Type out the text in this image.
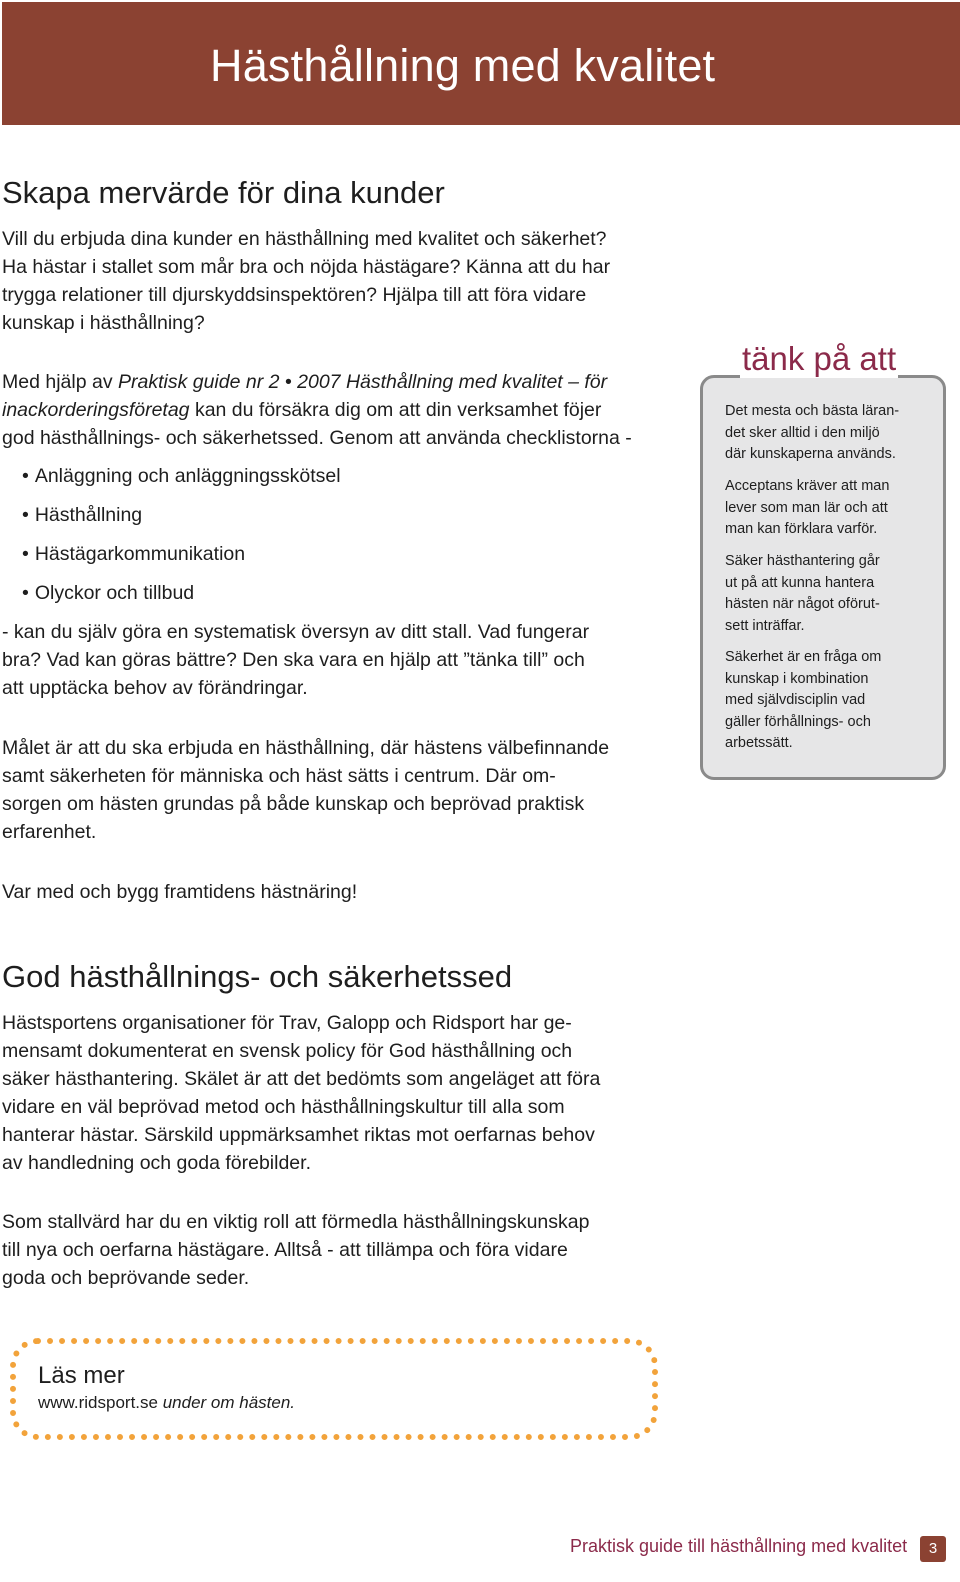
Hästhållning med kvalitet
Skapa mervärde för dina kunder
Vill du erbjuda dina kunder en hästhållning med kvalitet och säkerhet?
Ha hästar i stallet som mår bra och nöjda hästägare? Känna att du har
trygga relationer till djurskyddsinspektören? Hjälpa till att föra vidare
kunskap i hästhållning?
Med hjälp av Praktisk guide nr 2 • 2007 Hästhållning med kvalitet – för
inackorderingsföretag kan du försäkra dig om att din verksamhet föjer
god hästhållnings- och säkerhetssed. Genom att använda checklistorna -
• Anläggning och anläggningsskötsel
• Hästhållning
• Hästägarkommunikation
• Olyckor och tillbud
- kan du själv göra en systematisk översyn av ditt stall. Vad fungerar
bra? Vad kan göras bättre? Den ska vara en hjälp att ”tänka till” och
att upptäcka behov av förändringar.
Målet är att du ska erbjuda en hästhållning, där hästens välbefinnande
samt säkerheten för människa och häst sätts i centrum. Där om-
sorgen om hästen grundas på både kunskap och beprövad praktisk
erfarenhet.
Var med och bygg framtidens hästnäring!
tänk på att
Det mesta och bästa läran-
det sker alltid i den miljö
där kunskaperna används.
Acceptans kräver att man
lever som man lär och att
man kan förklara varför.
Säker hästhantering går
ut på att kunna hantera
hästen när något oförut-
sett inträffar.
Säkerhet är en fråga om
kunskap i kombination
med självdisciplin vad
gäller förhållnings- och
arbetssätt.
God hästhållnings- och säkerhetssed
Hästsportens organisationer för Trav, Galopp och Ridsport har ge-
mensamt dokumenterat en svensk policy för God hästhållning och
säker hästhantering. Skälet är att det bedömts som angeläget att föra
vidare en väl beprövad metod och hästhållningskultur till alla som
hanterar hästar. Särskild uppmärksamhet riktas mot oerfarnas behov
av handledning och goda förebilder.
Som stallvärd har du en viktig roll att förmedla hästhållningskunskap
till nya och oerfarna hästägare. Alltså - att tillämpa och föra vidare
goda och beprövande seder.
Läs mer
www.ridsport.se under om hästen.
Praktisk guide till hästhållning med kvalitet	3
